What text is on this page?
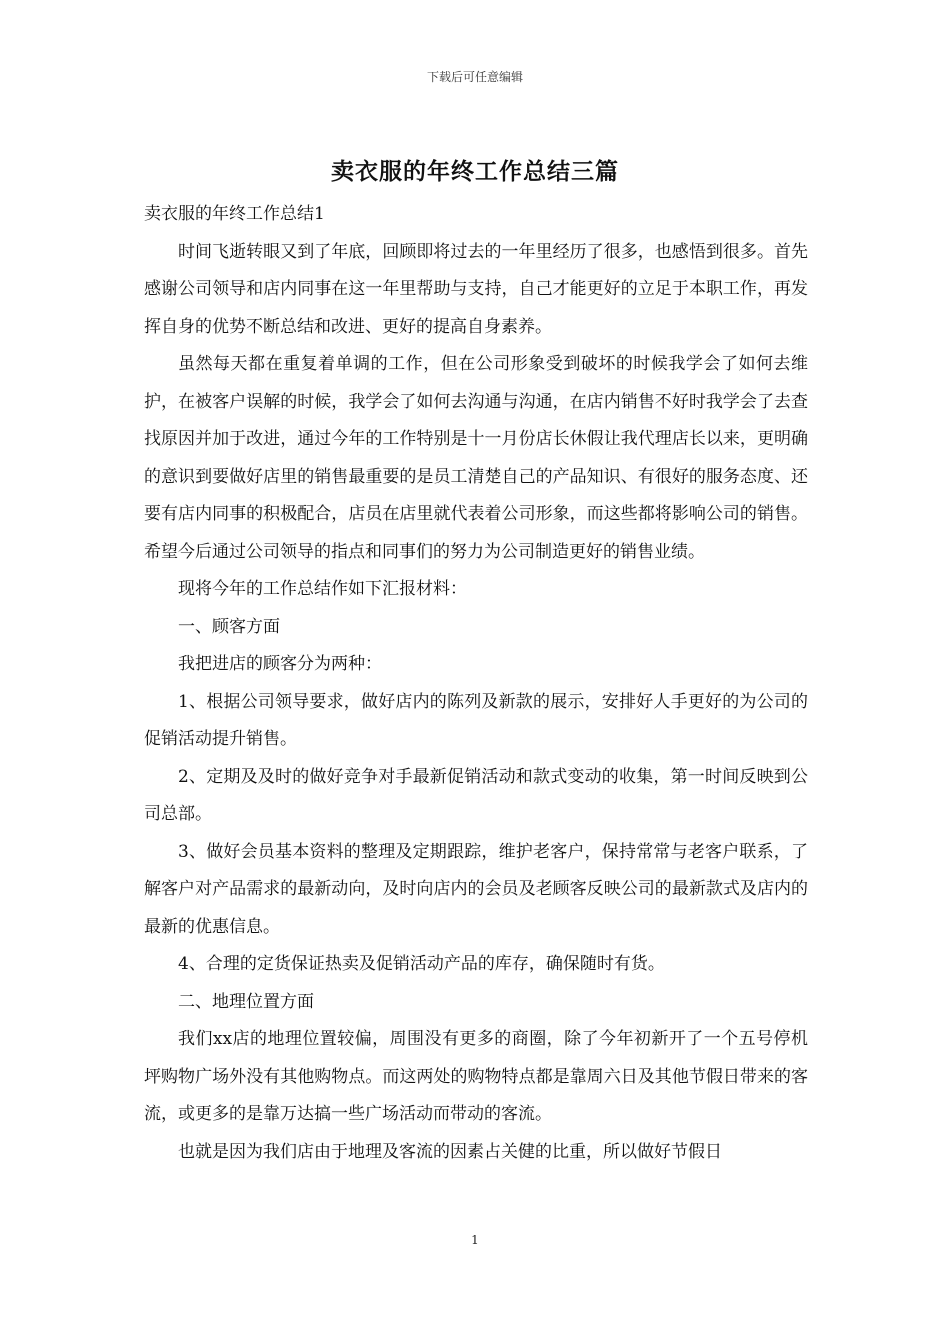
下载后可任意编辑
卖衣服的年终工作总结三篇

卖衣服的年终工作总结1

时间飞逝转眼又到了年底，回顾即将过去的一年里经历了很多，也感悟到很多。首先感谢公司领导和店内同事在这一年里帮助与支持，自己才能更好的立足于本职工作，再发挥自身的优势不断总结和改进、更好的提高自身素养。

虽然每天都在重复着单调的工作，但在公司形象受到破坏的时候我学会了如何去维护，在被客户误解的时候，我学会了如何去沟通与沟通，在店内销售不好时我学会了去查找原因并加于改进，通过今年的工作特别是十一月份店长休假让我代理店长以来，更明确的意识到要做好店里的销售最重要的是员工清楚自己的产品知识、有很好的服务态度、还要有店内同事的积极配合，店员在店里就代表着公司形象，而这些都将影响公司的销售。希望今后通过公司领导的指点和同事们的努力为公司制造更好的销售业绩。

现将今年的工作总结作如下汇报材料：

一、顾客方面

我把进店的顾客分为两种：

1、根据公司领导要求，做好店内的陈列及新款的展示，安排好人手更好的为公司的促销活动提升销售。

2、定期及及时的做好竞争对手最新促销活动和款式变动的收集，第一时间反映到公司总部。

3、做好会员基本资料的整理及定期跟踪，维护老客户，保持常常与老客户联系，了解客户对产品需求的最新动向，及时向店内的会员及老顾客反映公司的最新款式及店内的最新的优惠信息。

4、合理的定货保证热卖及促销活动产品的库存，确保随时有货。

二、地理位置方面

我们xx店的地理位置较偏，周围没有更多的商圈，除了今年初新开了一个五号停机坪购物广场外没有其他购物点。而这两处的购物特点都是靠周六日及其他节假日带来的客流，或更多的是靠万达搞一些广场活动而带动的客流。

也就是因为我们店由于地理及客流的因素占关健的比重，所以做好节假日

1
